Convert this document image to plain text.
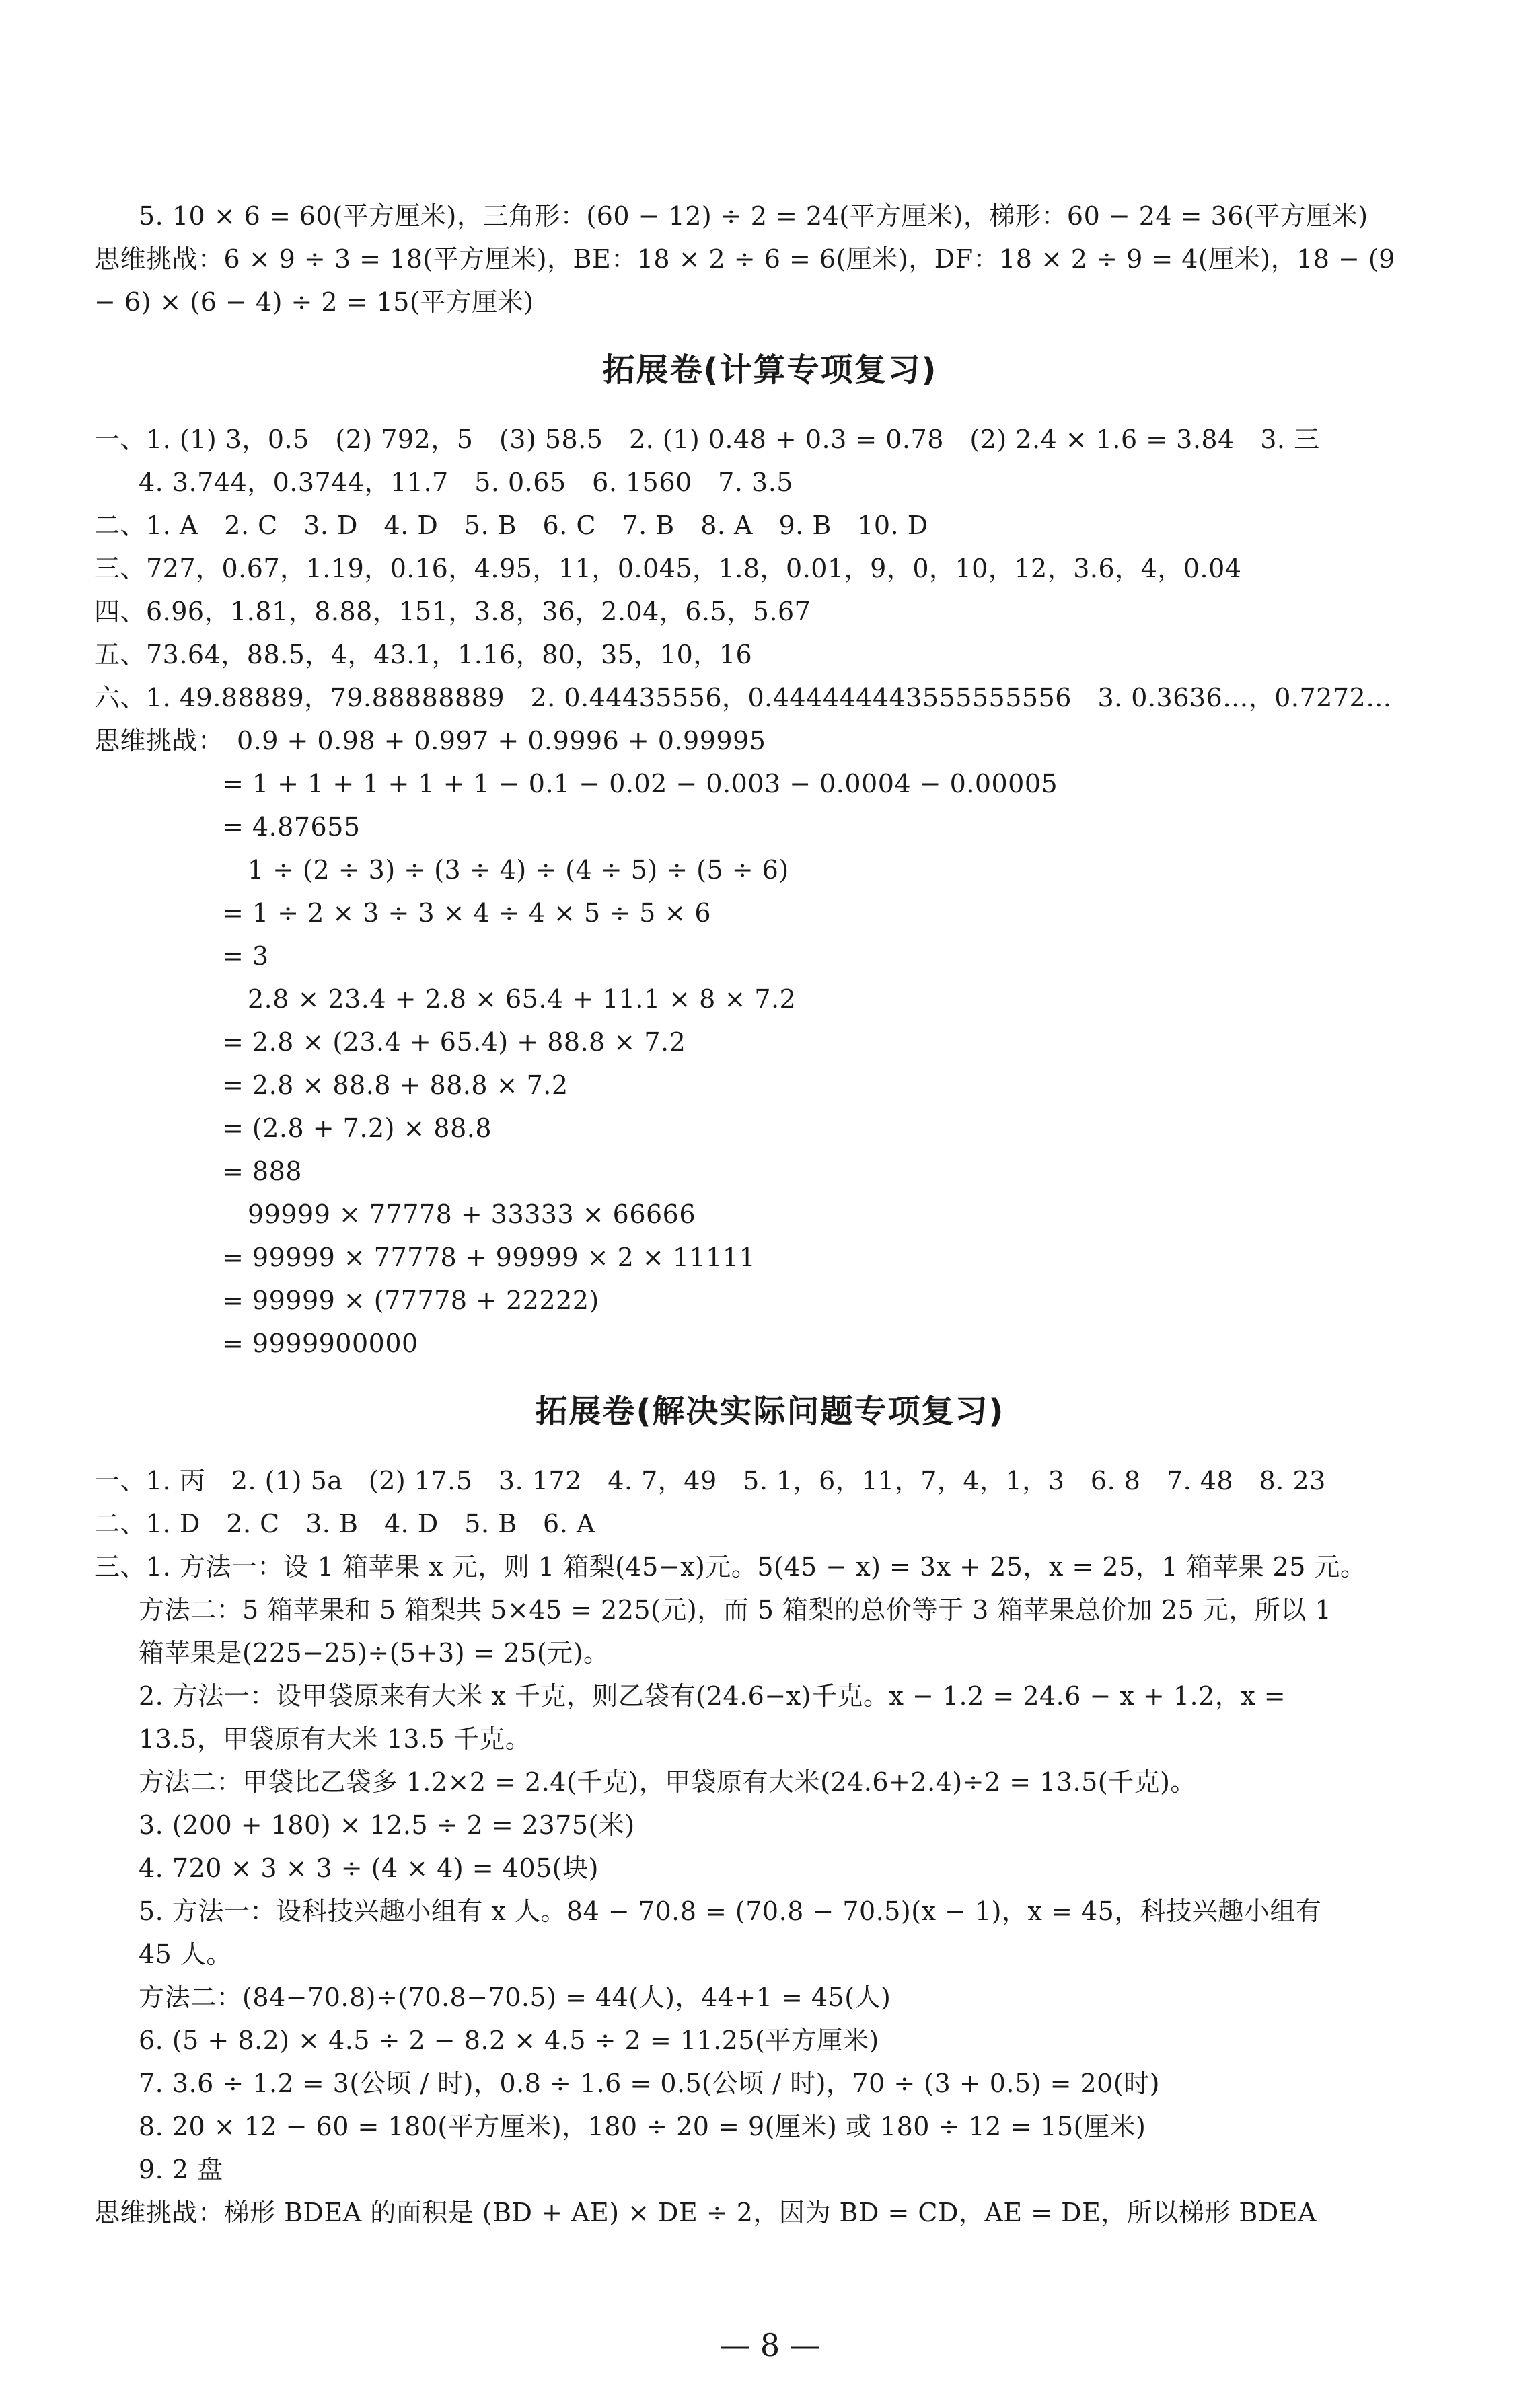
5. 10 × 6 = 60(平方厘米)，三角形：(60 − 12) ÷ 2 = 24(平方厘米)，梯形：60 − 24 = 36(平方厘米)
思维挑战：6 × 9 ÷ 3 = 18(平方厘米)，BE：18 × 2 ÷ 6 = 6(厘米)，DF：18 × 2 ÷ 9 = 4(厘米)，18 − (9
− 6) × (6 − 4) ÷ 2 = 15(平方厘米)
拓展卷(计算专项复习)
一、1. (1) 3，0.5　(2) 792，5　(3) 58.5　2. (1) 0.48 + 0.3 = 0.78　(2) 2.4 × 1.6 = 3.84　3. 三
4. 3.744，0.3744，11.7　5. 0.65　6. 1560　7. 3.5
二、1. A　2. C　3. D　4. D　5. B　6. C　7. B　8. A　9. B　10. D
三、727，0.67，1.19，0.16，4.95，11，0.045，1.8，0.01，9，0，10，12，3.6，4，0.04
四、6.96，1.81，8.88，151，3.8，36，2.04，6.5，5.67
五、73.64，88.5，4，43.1，1.16，80，35，10，16
六、1. 49.88889，79.88888889　2. 0.44435556，0.444444443555555556　3. 0.3636…，0.7272…
思维挑战：　0.9 + 0.98 + 0.997 + 0.9996 + 0.99995
= 1 + 1 + 1 + 1 + 1 − 0.1 − 0.02 − 0.003 − 0.0004 − 0.00005
= 4.87655
1 ÷ (2 ÷ 3) ÷ (3 ÷ 4) ÷ (4 ÷ 5) ÷ (5 ÷ 6)
= 1 ÷ 2 × 3 ÷ 3 × 4 ÷ 4 × 5 ÷ 5 × 6
= 3
2.8 × 23.4 + 2.8 × 65.4 + 11.1 × 8 × 7.2
= 2.8 × (23.4 + 65.4) + 88.8 × 7.2
= 2.8 × 88.8 + 88.8 × 7.2
= (2.8 + 7.2) × 88.8
= 888
99999 × 77778 + 33333 × 66666
= 99999 × 77778 + 99999 × 2 × 11111
= 99999 × (77778 + 22222)
= 9999900000
拓展卷(解决实际问题专项复习)
一、1. 丙　2. (1) 5a　(2) 17.5　3. 172　4. 7，49　5. 1，6，11，7，4，1，3　6. 8　7. 48　8. 23
二、1. D　2. C　3. B　4. D　5. B　6. A
三、1. 方法一：设 1 箱苹果 x 元，则 1 箱梨(45−x)元。5(45 − x) = 3x + 25，x = 25，1 箱苹果 25 元。
方法二：5 箱苹果和 5 箱梨共 5×45 = 225(元)，而 5 箱梨的总价等于 3 箱苹果总价加 25 元，所以 1
箱苹果是(225−25)÷(5+3) = 25(元)。
2. 方法一：设甲袋原来有大米 x 千克，则乙袋有(24.6−x)千克。x − 1.2 = 24.6 − x + 1.2，x =
13.5，甲袋原有大米 13.5 千克。
方法二：甲袋比乙袋多 1.2×2 = 2.4(千克)，甲袋原有大米(24.6+2.4)÷2 = 13.5(千克)。
3. (200 + 180) × 12.5 ÷ 2 = 2375(米)
4. 720 × 3 × 3 ÷ (4 × 4) = 405(块)
5. 方法一：设科技兴趣小组有 x 人。84 − 70.8 = (70.8 − 70.5)(x − 1)，x = 45，科技兴趣小组有
45 人。
方法二：(84−70.8)÷(70.8−70.5) = 44(人)，44+1 = 45(人)
6. (5 + 8.2) × 4.5 ÷ 2 − 8.2 × 4.5 ÷ 2 = 11.25(平方厘米)
7. 3.6 ÷ 1.2 = 3(公顷 / 时)，0.8 ÷ 1.6 = 0.5(公顷 / 时)，70 ÷ (3 + 0.5) = 20(时)
8. 20 × 12 − 60 = 180(平方厘米)，180 ÷ 20 = 9(厘米) 或 180 ÷ 12 = 15(厘米)
9. 2 盘
思维挑战：梯形 BDEA 的面积是 (BD + AE) × DE ÷ 2，因为 BD = CD，AE = DE，所以梯形 BDEA
— 8 —
